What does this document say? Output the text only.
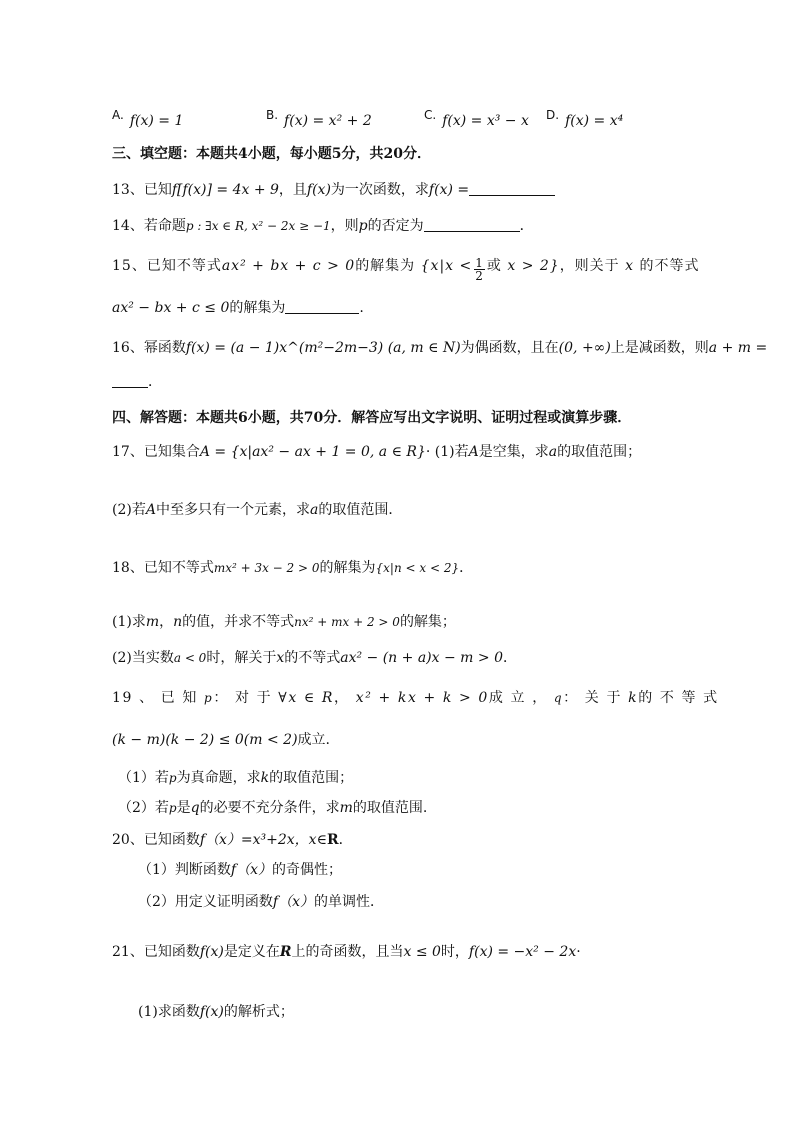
A. f(x) = 1	B. f(x) = x² + 2	C. f(x) = x³ − x D. f(x) = x⁴
三、填空题：本题共4小题，每小题5分，共20分．
13、已知f[f(x)] = 4x + 9，且f(x)为一次函数，求f(x) =
14、若命题p : ∃x ∈ R, x² − 2x ≥ −1，则p的否定为	．
15、已知不等式ax² + bx + c > 0的解集为 {$x|x < \frac{1}{2}$ 或 x > 2}，则关于 x 的不等式
ax² − bx + c ≤ 0的解集为	.
16、幂函数f(x) = (a − 1)x^(m²−2m−3) (a, m ∈ N)为偶函数，且在(0, +∞)上是减函数，则a + m =
．
四、解答题：本题共6小题，共70分．解答应写出文字说明、证明过程或演算步骤．
17、已知集合A = {x|ax² − ax + 1 = 0, a ∈ R}· (1)若A是空集，求a的取值范围；
(2)若A中至多只有一个元素，求a的取值范围．
18、已知不等式mx² + 3x − 2 > 0的解集为{x|n < x < 2}．
(1)求m，n的值，并求不等式nx² + mx + 2 > 0的解集；
(2)当实数a < 0时，解关于x的不等式ax² − (n + a)x − m > 0．
19 、 已 知 p： 对 于 ∀x ∈ R， x² + kx + k > 0成 立 ， q： 关 于 k的 不 等 式
(k − m)(k − 2) ≤ 0(m < 2)成立.
（1）若p为真命题，求k的取值范围；
（2）若p是q的必要不充分条件，求m的取值范围.
20、已知函数f（x）=x³+2x，x∈R．
（1）判断函数f（x）的奇偶性；
（2）用定义证明函数f（x）的单调性．
21、已知函数f(x)是定义在R上的奇函数，且当x ≤ 0时，f(x) = −x² − 2x·
(1)求函数f(x)的解析式；
